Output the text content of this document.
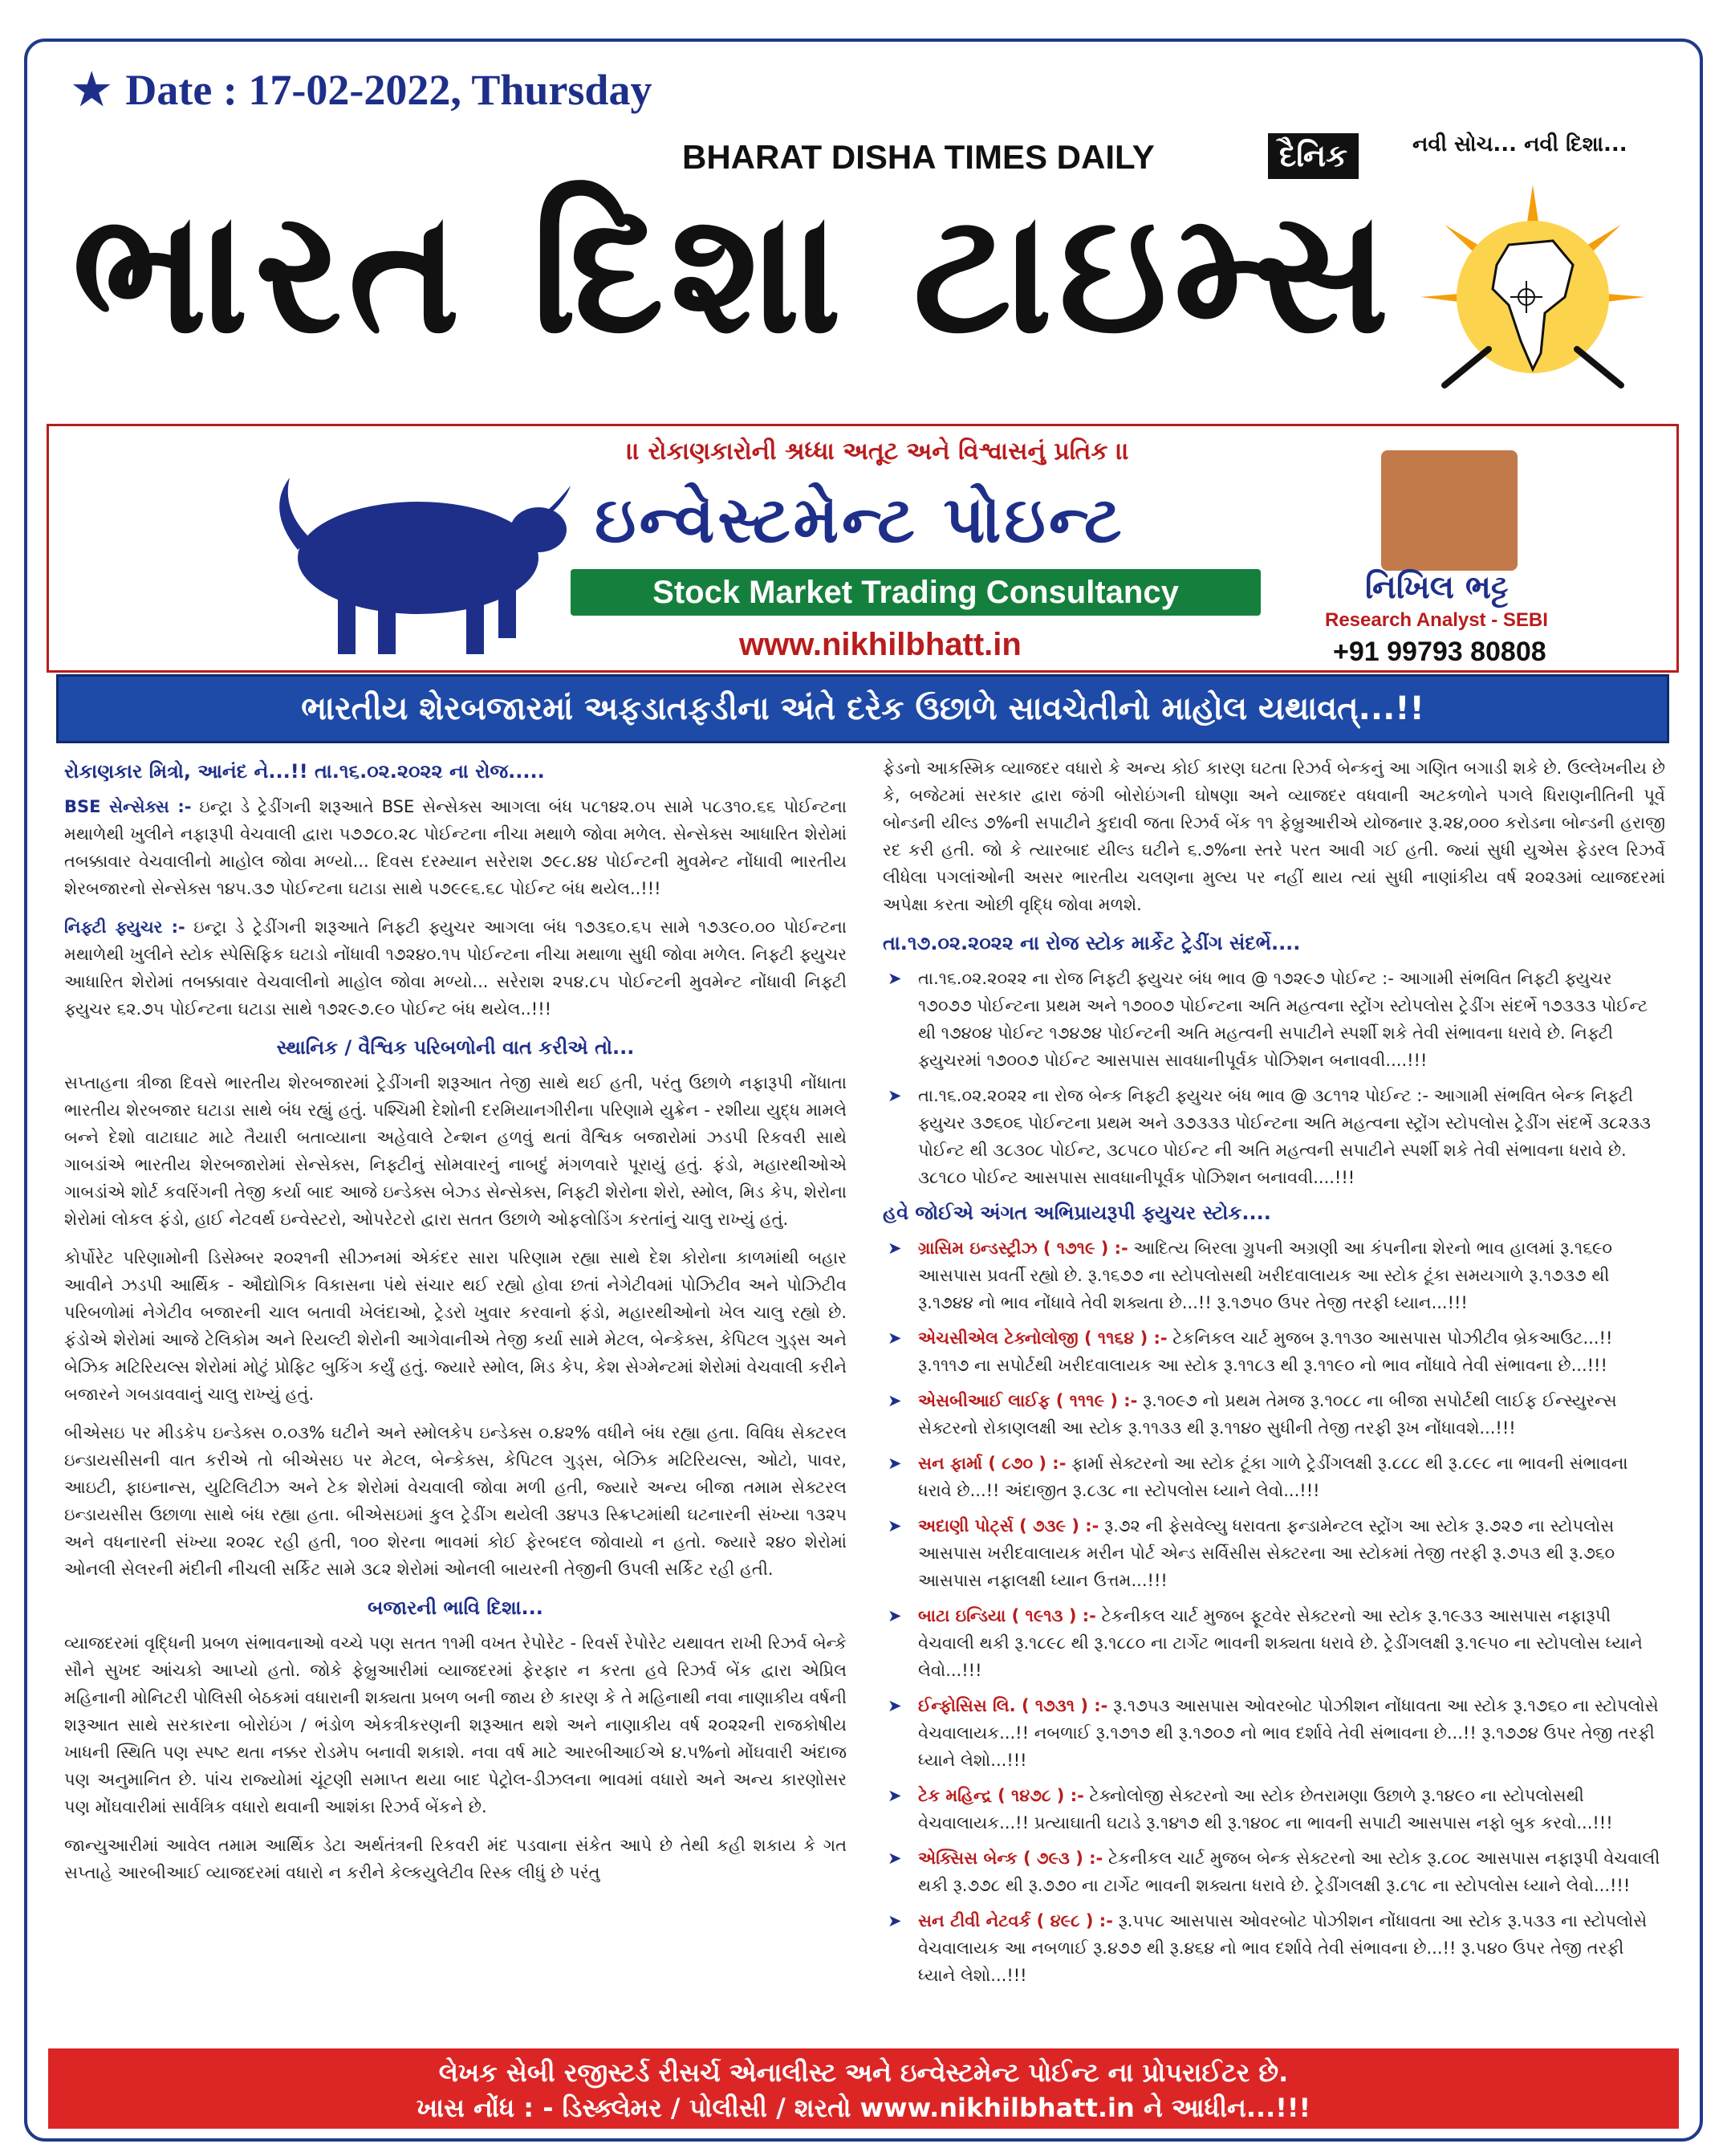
★ Date : 17-02-2022, Thursday
BHARAT DISHA TIMES DAILY	દૈનિક	નવી સોચ... નવી દિશા...
ભારત દિશા ટાઇમ્સ
।। રોકાણકારોની શ્રધ્ધા અતૂટ અને વિશ્વાસનું પ્રતિક ।।
ઇન્વેસ્ટમેન્ટ પોઇન્ટ
Stock Market Trading Consultancy
www.nikhilbhatt.in
નિખિલ ભટ્ટ
Research Analyst - SEBI
+91 99793 80808
ભારતીય શેરબજારમાં અફડાતફડીના અંતે દરેક ઉછાળે સાવચેતીનો માહોલ યથાવત્...!!
રોકાણકાર મિત્રો, આનંદ ને...!! તા.૧૬.૦૨.૨૦૨૨ ના રોજ.....

BSE સેન્સેક્સ :- ઇન્ટ્રા ડે ટ્રેડીંગની શરૂઆતે BSE સેન્સેક્સ આગલા બંધ ૫૮૧૪૨.૦૫ સામે ૫૮૩૧૦.૬૬ પોઈન્ટના મથાળેથી ખુલીને નફારૂપી વેચવાલી દ્વારા ૫૭૭૮૦.૨૮ પોઈન્ટના નીચા મથાળે જોવા મળેલ. સેન્સેક્સ આધારિત શેરોમાં તબક્કાવાર વેચવાલીનો માહોલ જોવા મળ્યો... દિવસ દરમ્યાન સરેરાશ ૭૯૮.૪૪ પોઈન્ટની મુવમેન્ટ નોંધાવી ભારતીય શેરબજારનો સેન્સેક્સ ૧૪૫.૩૭ પોઈન્ટના ઘટાડા સાથે ૫૭૯૯૬.૬૮ પોઈન્ટ બંધ થયેલ..!!!

નિફ્ટી ફ્યુચર :- ઇન્ટ્રા ડે ટ્રેડીંગની શરૂઆતે નિફ્ટી ફ્યુચર આગલા બંધ ૧૭૩૬૦.૬૫ સામે ૧૭૩૯૦.૦૦ પોઈન્ટના મથાળેથી ખુલીને સ્ટોક સ્પેસિફિક ઘટાડો નોંધાવી ૧૭૨૪૦.૧૫ પોઈન્ટના નીચા મથાળા સુધી જોવા મળેલ. નિફ્ટી ફ્યુચર આધારિત શેરોમાં તબક્કાવાર વેચવાલીનો માહોલ જોવા મળ્યો... સરેરાશ ૨૫૪.૮૫ પોઈન્ટની મુવમેન્ટ નોંધાવી નિફ્ટી ફ્યુચર ૬૨.૭૫ પોઈન્ટના ઘટાડા સાથે ૧૭૨૯૭.૯૦ પોઈન્ટ બંધ થયેલ..!!!

સ્થાનિક / વૈશ્વિક પરિબળોની વાત કરીએ તો...

સપ્તાહના ત્રીજા દિવસે ભારતીય શેરબજારમાં ટ્રેડીંગની શરૂઆત તેજી સાથે થઈ હતી, પરંતુ ઉછાળે નફારૂપી નોંધાતા ભારતીય શેરબજાર ઘટાડા સાથે બંધ રહ્યું હતું. પશ્ચિમી દેશોની દરમિયાનગીરીના પરિણામે યુક્રેન - રશીયા યુદ્ધ મામલે બન્ને દેશો વાટાઘાટ માટે તૈયારી બતાવ્યાના અહેવાલે ટેન્શન હળવું થતાં વૈશ્વિક બજારોમાં ઝડપી રિકવરી સાથે ગાબડાંએ ભારતીય શેરબજારોમાં સેન્સેક્સ, નિફ્ટીનું સોમવારનું નાબદું મંગળવારે પૂરાયું હતું. ફંડો, મહારથીઓએ ગાબડાંએ શોર્ટ કવરિંગની તેજી કર્યા બાદ આજે ઇન્ડેક્સ બેઝ્ડ સેન્સેક્સ, નિફ્ટી શેરોના શેરો, સ્મોલ, મિડ કેપ, શેરોના શેરોમાં લોકલ ફંડો, હાઈ નેટવર્થ ઇન્વેસ્ટરો, ઓપરેટરો દ્વારા સતત ઉછાળે ઓફલોડિંગ કરતાંનું ચાલુ રાખ્યું હતું.

કોર્પોરેટ પરિણામોની ડિસેમ્બર ૨૦૨૧ની સીઝનમાં એકંદર સારા પરિણામ રહ્યા સાથે દેશ કોરોના કાળમાંથી બહાર આવીને ઝડપી આર્થિક - ઔદ્યોગિક વિકાસના પંથે સંચાર થઈ રહ્યો હોવા છતાં નેગેટીવમાં પોઝિટીવ અને પોઝિટીવ પરિબળોમાં નેગેટીવ બજારની ચાલ બતાવી ખેલંદાઓ, ટ્રેડરો ખુવાર કરવાનો ફંડો, મહારથીઓનો ખેલ ચાલુ રહ્યો છે. ફંડોએ શેરોમાં આજે ટેલિકોમ અને રિયલ્ટી શેરોની આગેવાનીએ તેજી કર્યા સામે મેટલ, બેન્કેક્સ, કેપિટલ ગુડ્સ અને બેઝિક મટિરિયલ્સ શેરોમાં મોટું પ્રોફિટ બુકિંગ કર્યું હતું. જ્યારે સ્મોલ, મિડ કેપ, કેશ સેગ્મેન્ટમાં શેરોમાં વેચવાલી કરીને બજારને ગબડાવવાનું ચાલુ રાખ્યું હતું.

બીએસઇ પર મીડકેપ ઇન્ડેક્સ ૦.૦૩% ઘટીને અને સ્મોલકેપ ઇન્ડેક્સ ૦.૪૨% વધીને બંધ રહ્યા હતા. વિવિધ સેક્ટરલ ઇન્ડાયસીસની વાત કરીએ તો બીએસઇ પર મેટલ, બેન્કેક્સ, કેપિટલ ગુડ્સ, બેઝિક મટિરિયલ્સ, ઓટો, પાવર, આઇટી, ફાઇનાન્સ, યુટિલિટીઝ અને ટેક શેરોમાં વેચવાલી જોવા મળી હતી, જ્યારે અન્ય બીજા તમામ સેક્ટરલ ઇન્ડાયસીસ ઉછાળા સાથે બંધ રહ્યા હતા. બીએસઇમાં કુલ ટ્રેડીંગ થયેલી ૩૪૫૩ સ્ક્રિપ્ટમાંથી ઘટનારની સંખ્યા ૧૩૨૫ અને વધનારની સંખ્યા ૨૦૨૮ રહી હતી, ૧૦૦ શેરના ભાવમાં કોઈ ફેરબદલ જોવાયો ન હતો. જ્યારે ૨૪૦ શેરોમાં ઓનલી સેલરની મંદીની નીચલી સર્કિટ સામે ૩૮૨ શેરોમાં ઓનલી બાયરની તેજીની ઉપલી સર્કિટ રહી હતી.

બજારની ભાવિ દિશા...

વ્યાજદરમાં વૃદ્ધિની પ્રબળ સંભાવનાઓ વચ્ચે પણ સતત ૧૧મી વખત રેપોરેટ - રિવર્સ રેપોરેટ યથાવત રાખી રિઝર્વ બેન્કે સૌને સુખદ આંચકો આપ્યો હતો. જોકે ફેબ્રુઆરીમાં વ્યાજદરમાં ફેરફાર ન કરતા હવે રિઝર્વ બેંક દ્વારા એપ્રિલ મહિનાની મોનિટરી પોલિસી બેઠકમાં વધારાની શક્યતા પ્રબળ બની જાય છે કારણ કે તે મહિનાથી નવા નાણાકીય વર્ષની શરૂઆત સાથે સરકારના બોરોઇંગ / ભંડોળ એકત્રીકરણની શરૂઆત થશે અને નાણાકીય વર્ષ ૨૦૨૨ની રાજકોષીય ખાધની સ્થિતિ પણ સ્પષ્ટ થતા નક્કર રોડમેપ બનાવી શકાશે. નવા વર્ષ માટે આરબીઆઈએ ૪.૫%નો મોંઘવારી અંદાજ પણ અનુમાનિત છે. પાંચ રાજ્યોમાં ચૂંટણી સમાપ્ત થયા બાદ પેટ્રોલ-ડીઝલના ભાવમાં વધારો અને અન્ય કારણોસર પણ મોંઘવારીમાં સાર્વત્રિક વધારો થવાની આશંકા રિઝર્વ બેંકને છે.

જાન્યુઆરીમાં આવેલ તમામ આર્થિક ડેટા અર્થતંત્રની રિકવરી મંદ પડવાના સંકેત આપે છે તેથી કહી શકાય કે ગત સપ્તાહે આરબીઆઈ વ્યાજદરમાં વધારો ન કરીને કેલ્કયુલેટીવ રિસ્ક લીધું છે પરંતુ

ફેડનો આકસ્મિક વ્યાજદર વધારો કે અન્ય કોઈ કારણ ઘટતા રિઝર્વ બેન્કનું આ ગણિત બગાડી શકે છે. ઉલ્લેખનીય છે કે, બજેટમાં સરકાર દ્વારા જંગી બોરોઇંગની ઘોષણા અને વ્યાજદર વધવાની અટકળોને પગલે ધિરાણનીતિની પૂર્વે બોન્ડની યીલ્ડ ૭%ની સપાટીને કુદાવી જતા રિઝર્વ બેંક ૧૧ ફેબ્રુઆરીએ યોજનાર રૂ.૨૪,૦૦૦ કરોડના બોન્ડની હરાજી રદ કરી હતી. જો કે ત્યારબાદ યીલ્ડ ઘટીને ૬.૭%ના સ્તરે પરત આવી ગઈ હતી. જ્યાં સુધી યુએસ ફેડરલ રિઝર્વે લીધેલા પગલાંઓની અસર ભારતીય ચલણના મુલ્ય પર નહીં થાય ત્યાં સુધી નાણાંકીય વર્ષ ૨૦૨૩માં વ્યાજદરમાં અપેક્ષા કરતા ઓછી વૃદ્ધિ જોવા મળશે.

તા.૧૭.૦૨.૨૦૨૨ ના રોજ સ્ટોક માર્કેટ ટ્રેડીંગ સંદર્ભે....
➤ તા.૧૬.૦૨.૨૦૨૨ ના રોજ નિફ્ટી ફ્યુચર બંધ ભાવ @ ૧૭૨૯૭ પોઈન્ટ :- આગામી સંભવિત નિફ્ટી ફ્યુચર ૧૭૦૭૭ પોઈન્ટના પ્રથમ અને ૧૭૦૦૭ પોઈન્ટના અતિ મહત્વના સ્ટ્રોંગ સ્ટોપલોસ ટ્રેડીંગ સંદર્ભે ૧૭૩૩૩ પોઈન્ટ થી ૧૭૪૦૪ પોઈન્ટ ૧૭૪૭૪ પોઈન્ટની અતિ મહત્વની સપાટીને સ્પર્શી શકે તેવી સંભાવના ધરાવે છે. નિફ્ટી ફ્યુચરમાં ૧૭૦૦૭ પોઈન્ટ આસપાસ સાવધાનીપૂર્વક પોઝિશન બનાવવી....!!!
➤ તા.૧૬.૦૨.૨૦૨૨ ના રોજ બેન્ક નિફ્ટી ફ્યુચર બંધ ભાવ @ ૩૮૧૧૨ પોઈન્ટ :- આગામી સંભવિત બેન્ક નિફ્ટી ફ્યુચર ૩૭૬૦૬ પોઈન્ટના પ્રથમ અને ૩૭૩૩૩ પોઈન્ટના અતિ મહત્વના સ્ટ્રોંગ સ્ટોપલોસ ટ્રેડીંગ સંદર્ભે ૩૮૨૩૩ પોઈન્ટ થી ૩૮૩૦૮ પોઈન્ટ, ૩૮૫૮૦ પોઈન્ટ ની અતિ મહત્વની સપાટીને સ્પર્શી શકે તેવી સંભાવના ધરાવે છે. ૩૮૧૮૦ પોઈન્ટ આસપાસ સાવધાનીપૂર્વક પોઝિશન બનાવવી....!!!
હવે જોઈએ અંગત અભિપ્રાયરૂપી ફ્યુચર સ્ટોક....
➤ ગ્રાસિમ ઇન્ડસ્ટ્રીઝ ( ૧૭૧૯ ) :- આદિત્ય બિરલા ગ્રુપની અગ્રણી આ કંપનીના શેરનો ભાવ હાલમાં રૂ.૧૬૯૦ આસપાસ પ્રવર્તી રહ્યો છે. રૂ.૧૬૭૭ ના સ્ટોપલોસથી ખરીદવાલાયક આ સ્ટોક ટૂંકા સમયગાળે રૂ.૧૭૩૭ થી રૂ.૧૭૪૪ નો ભાવ નોંધાવે તેવી શક્યતા છે...!! રૂ.૧૭૫૦ ઉપર તેજી તરફી ધ્યાન...!!!
➤ એચસીએલ ટેક્નોલોજી ( ૧૧૬૪ ) :- ટેકનિકલ ચાર્ટ મુજબ રૂ.૧૧૩૦ આસપાસ પોઝીટીવ બ્રેકઆઉટ...!! રૂ.૧૧૧૭ ના સપોર્ટથી ખરીદવાલાયક આ સ્ટોક રૂ.૧૧૮૩ થી રૂ.૧૧૯૦ નો ભાવ નોંધાવે તેવી સંભાવના છે...!!!
➤ એસબીઆઈ લાઈફ ( ૧૧૧૯ ) :- રૂ.૧૦૯૭ નો પ્રથમ તેમજ રૂ.૧૦૮૮ ના બીજા સપોર્ટથી લાઈફ ઈન્સ્યુરન્સ સેક્ટરનો રોકાણલક્ષી આ સ્ટોક રૂ.૧૧૩૩ થી રૂ.૧૧૪૦ સુધીની તેજી તરફી રૂખ નોંધાવશે...!!!
➤ સન ફાર્મા ( ૮૭૦ ) :- ફાર્મા સેક્ટરનો આ સ્ટોક ટૂંકા ગાળે ટ્રેડીંગલક્ષી રૂ.૮૮૮ થી રૂ.૮૯૮ ના ભાવની સંભાવના ધરાવે છે...!! અંદાજીત રૂ.૮૩૮ ના સ્ટોપલોસ ધ્યાને લેવો...!!!
➤ અદાણી પોર્ટ્સ ( ૭૩૯ ) :- રૂ.૭૨ ની ફેસવેલ્યુ ધરાવતા ફન્ડામેન્ટલ સ્ટ્રોંગ આ સ્ટોક રૂ.૭૨૭ ના સ્ટોપલોસ આસપાસ ખરીદવાલાયક મરીન પોર્ટ એન્ડ સર્વિસીસ સેક્ટરના આ સ્ટોકમાં તેજી તરફી રૂ.૭૫૩ થી રૂ.૭૬૦ આસપાસ નફાલક્ષી ધ્યાન ઉત્તમ...!!!
➤ બાટા ઇન્ડિયા ( ૧૯૧૩ ) :- ટેકનીકલ ચાર્ટ મુજબ ફૂટવેર સેક્ટરનો આ સ્ટોક રૂ.૧૯૩૩ આસપાસ નફારૂપી વેચવાલી થકી રૂ.૧૮૯૮ થી રૂ.૧૮૮૦ ના ટાર્ગેટ ભાવની શક્યતા ધરાવે છે. ટ્રેડીંગલક્ષી રૂ.૧૯૫૦ ના સ્ટોપલોસ ધ્યાને લેવો...!!!
➤ ઈન્ફોસિસ લિ. ( ૧૭૩૧ ) :- રૂ.૧૭૫૩ આસપાસ ઓવરબોટ પોઝીશન નોંધાવતા આ સ્ટોક રૂ.૧૭૬૦ ના સ્ટોપલોસે વેચવાલાયક...!! નબળાઈ રૂ.૧૭૧૭ થી રૂ.૧૭૦૭ નો ભાવ દર્શાવે તેવી સંભાવના છે...!! રૂ.૧૭૭૪ ઉપર તેજી તરફી ધ્યાને લેશો...!!!
➤ ટેક મહિન્દ્ર ( ૧૪૭૮ ) :- ટેક્નોલોજી સેક્ટરનો આ સ્ટોક છેતરામણા ઉછાળે રૂ.૧૪૯૦ ના સ્ટોપલોસથી વેચવાલાયક...!! પ્રત્યાઘાતી ઘટાડે રૂ.૧૪૧૭ થી રૂ.૧૪૦૮ ના ભાવની સપાટી આસપાસ નફો બુક કરવો...!!!
➤ એક્સિસ બેન્ક ( ૭૯૩ ) :- ટેકનીકલ ચાર્ટ મુજબ બેન્ક સેક્ટરનો આ સ્ટોક રૂ.૮૦૮ આસપાસ નફારૂપી વેચવાલી થકી રૂ.૭૭૮ થી રૂ.૭૭૦ ના ટાર્ગેટ ભાવની શક્યતા ધરાવે છે. ટ્રેડીંગલક્ષી રૂ.૮૧૮ ના સ્ટોપલોસ ધ્યાને લેવો...!!!
➤ સન ટીવી નેટવર્ક ( ૪૯૮ ) :- રૂ.૫૫૮ આસપાસ ઓવરબોટ પોઝીશન નોંધાવતા આ સ્ટોક રૂ.૫૩૩ ના સ્ટોપલોસે વેચવાલાયક આ નબળાઈ રૂ.૪૭૭ થી રૂ.૪૬૪ નો ભાવ દર્શાવે તેવી સંભાવના છે...!! રૂ.૫૪૦ ઉપર તેજી તરફી ધ્યાને લેશો...!!!
લેખક સેબી રજીસ્ટર્ડ રીસર્ચ એનાલીસ્ટ અને ઇન્વેસ્ટમેન્ટ પોઈન્ટ ના પ્રોપરાઈટર છે.
ખાસ નોંધ : - ડિસ્ક્લેમર / પોલીસી / શરતો www.nikhilbhatt.in ને આધીન...!!!
